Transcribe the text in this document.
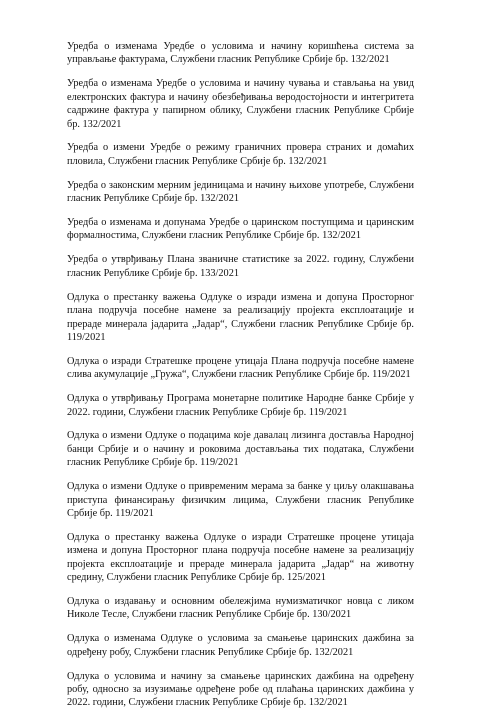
Уредба о изменама Уредбе о условима и начину коришћења система за управљање фактурама, Службени гласник Републике Србије бр. 132/2021
Уредба о изменама Уредбе о условима и начину чувања и стављања на увид електронских фактура и начину обезбеђивања веродостојности и интегритета садржине фактура у папирном облику, Службени гласник Републике Србије бр. 132/2021
Уредба о измени Уредбе о режиму граничних провера страних и домаћих пловила, Службени гласник Републике Србије бр. 132/2021
Уредба о законским мерним јединицама и начину њихове употребе, Службени гласник Републике Србије бр. 132/2021
Уредба о изменама и допунама Уредбе о царинском поступцима и царинским формалностима, Службени гласник Републике Србије бр. 132/2021
Уредба о утврђивању Плана званичне статистике за 2022. годину, Службени гласник Републике Србије бр. 133/2021
Одлука о престанку важења Одлуке о изради измена и допуна Просторног плана подручја посебне намене за реализацију пројекта експлоатације и прераде минерала јадарита „Јадар“, Службени гласник Републике Србије бр. 119/2021
Одлука о изради Стратешке процене утицаја Плана подручја посебне намене слива акумулације „Гружа“, Службени гласник Републике Србије бр. 119/2021
Одлука о утврђивању Програма монетарне политике Народне банке Србије у 2022. години, Службени гласник Републике Србије бр. 119/2021
Одлука о измени Одлуке о подацима које давалац лизинга доставља Народној банци Србије и о начину и роковима достављања тих података, Службени гласник Републике Србије бр. 119/2021
Одлука о измени Одлуке о привременим мерама за банке у циљу олакшавања приступа финансирању физичким лицима, Службени гласник Републике Србије бр. 119/2021
Одлука о престанку важења Одлуке о изради Стратешке процене утицаја измена и допуна Просторног плана подручја посебне намене за реализацију пројекта експлоатације и прераде минерала јадарита „Јадар“ на животну средину, Службени гласник Републике Србије бр. 125/2021
Одлука о издавању и основним обележјима нумизматичког новца с ликом Николе Тесле, Службени гласник Републике Србије бр. 130/2021
Одлука о изменама Одлуке о условима за смањење царинских дажбина за одређену робу, Службени гласник Републике Србије бр. 132/2021
Одлука о условима и начину за смањење царинских дажбина на одређену робу, односно за изузимање одређене робе од плаћања царинских дажбина у 2022. години, Службени гласник Републике Србије бр. 132/2021
